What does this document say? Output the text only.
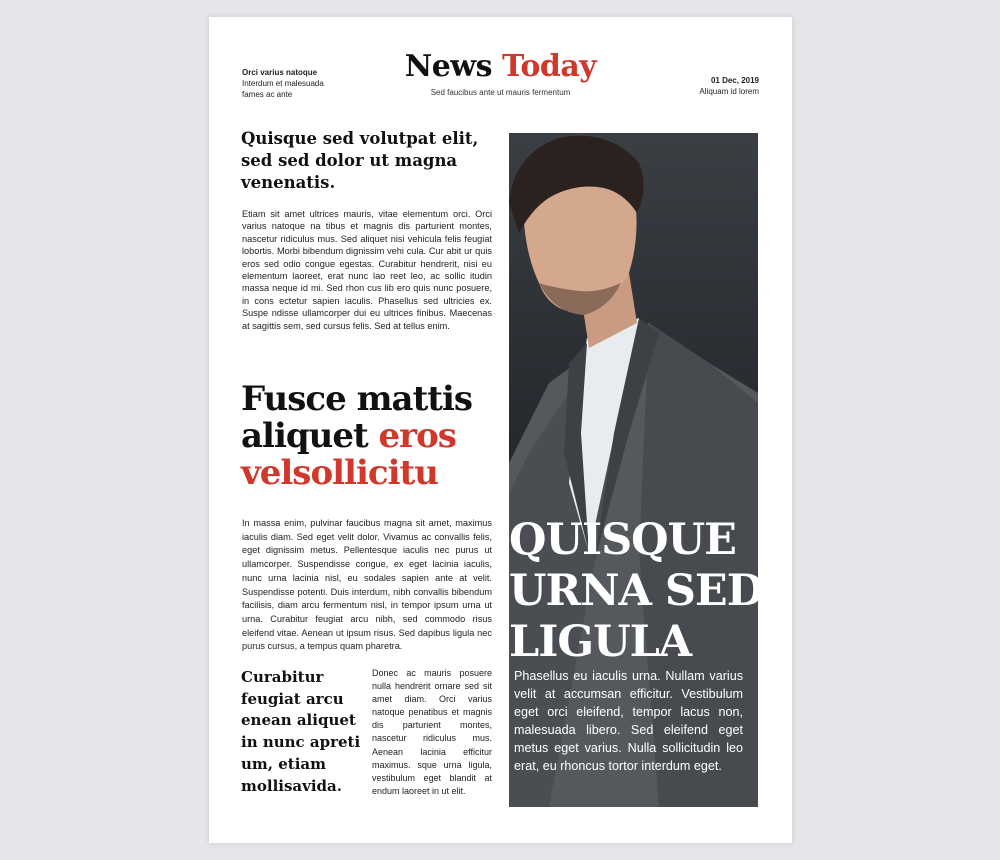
Orci varius natoque
Interdum et malesuada
fames ac ante
News Today
Sed faucibus ante ut mauris fermentum
01 Dec, 2019
Aliquam id lorem
Quisque sed volutpat elit, sed sed dolor ut magna venenatis.
Etiam sit amet ultrices mauris, vitae elementum orci. Orci varius natoque na tibus et magnis dis parturient montes, nascetur ridiculus mus. Sed aliquet nisi vehicula felis feugiat lobortis. Morbi bibendum dignissim vehi cula. Cur abit ur quis eros sed odio congue egestas. Curabitur hendrerit, nisi eu elementum laoreet, erat nunc lao reet leo, ac sollic itudin massa neque id mi. Sed rhon cus lib ero quis nunc posuere, in cons ectetur sapien iaculis. Phasellus sed ultricies ex. Suspe ndisse ullamcorper dui eu ultrices finibus. Maecenas at sagittis sem, sed cursus felis. Sed at tellus enim.
Fusce mattis aliquet eros velsollicitu
In massa enim, pulvinar faucibus magna sit amet, maximus iaculis diam. Sed eget velit dolor. Vivamus ac convallis felis, eget dignissim metus. Pellentesque iaculis nec purus ut ullamcorper. Suspendisse congue, ex eget lacinia iaculis, nunc urna lacinia nisl, eu sodales sapien ante at velit. Suspendisse potenti. Duis interdum, nibh convallis bibendum facilisis, diam arcu fermentum nisl, in tempor ipsum urna ut urna. Curabitur feugiat arcu nibh, sed commodo risus eleifend vitae. Aenean ut ipsum risus. Sed dapibus ligula nec purus cursus, a tempus quam pharetra.
Curabitur feugiat arcu enean aliquet in nunc apreti um, etiam mollisavida.
Donec ac mauris posuere nulla hendrerit ornare sed sit amet diam. Orci varius natoque penatibus et magnis dis parturient montes, nascetur ridiculus mus. Aenean lacinia efficitur maximus. sque urna ligula, vestibulum eget blandit at endum laoreet in ut elit.
QUISQUE
URNA SED
LIGULA
Phasellus eu iaculis urna. Nullam varius velit at accumsan efficitur. Vestibulum eget orci eleifend, tempor lacus non, malesuada libero. Sed eleifend eget metus eget varius. Nulla sollicitudin leo erat, eu rhoncus tortor interdum eget.
